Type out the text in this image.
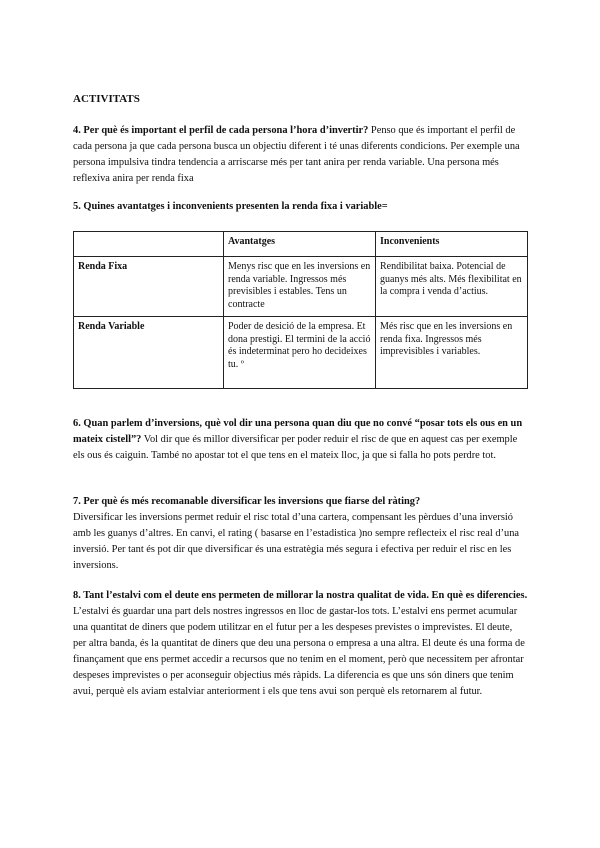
ACTIVITATS

4. Per què és important el perfil de cada persona l’hora d’invertir? Penso que és important el perfil de cada persona ja que cada persona busca un objectiu diferent i té unas diferents condicions. Per exemple una persona impulsiva tindra tendencia a arriscarse més per tant anira per renda variable. Una persona més reflexiva anira per renda fixa

5. Quines avantatges i inconvenients presenten la renda fixa i variable=

	Avantatges	Inconvenients
Renda Fixa	Menys risc que en les inversions en renda variable. Ingressos més previsibles i estables. Tens un contracte	Rendibilitat baixa. Potencial de guanys més alts. Més flexibilitat en la compra i venda d’actius.
Renda Variable	Poder de desició de la empresa. Et dona prestigi. El termini de la acció és indeterminat pero ho decideixes tu. º	Més risc que en les inversions en renda fixa. Ingressos més imprevisibles i variables.

6. Quan parlem d’inversions, què vol dir una persona quan diu que no convé “posar tots els ous en un mateix cistell”? Vol dir que és millor diversificar per poder reduir el risc de que en aquest cas per exemple els ous és caiguin. També no apostar tot el que tens en el mateix lloc, ja que si falla ho pots perdre tot.

7. Per què és més recomanable diversificar les inversions que fiarse del ràting?
Diversificar les inversions permet reduir el risc total d’una cartera, compensant les pèrdues d’una inversió amb les guanys d’altres. En canvi, el rating ( basarse en l’estadistica )no sempre reflecteix el risc real d’una inversió. Per tant és pot dir que diversificar és una estratègia més segura i efectiva per reduir el risc en les inversions.

8. Tant l’estalvi com el deute ens permeten de millorar la nostra qualitat de vida. En què es diferencies. L’estalvi és guardar una part dels nostres ingressos en lloc de gastar-los tots. L’estalvi ens permet acumular una quantitat de diners que podem utilitzar en el futur per a les despeses previstes o imprevistes. El deute, per altra banda, és la quantitat de diners que deu una persona o empresa a una altra. El deute és una forma de finançament que ens permet accedir a recursos que no tenim en el moment, però que necessitem per afrontar despeses imprevistes o per aconseguir objectius més ràpids. La diferencia es que uns són diners que tenim avui, perquè els aviam estalviar anteriorment i els que tens avui son perquè els retornarem al futur.
